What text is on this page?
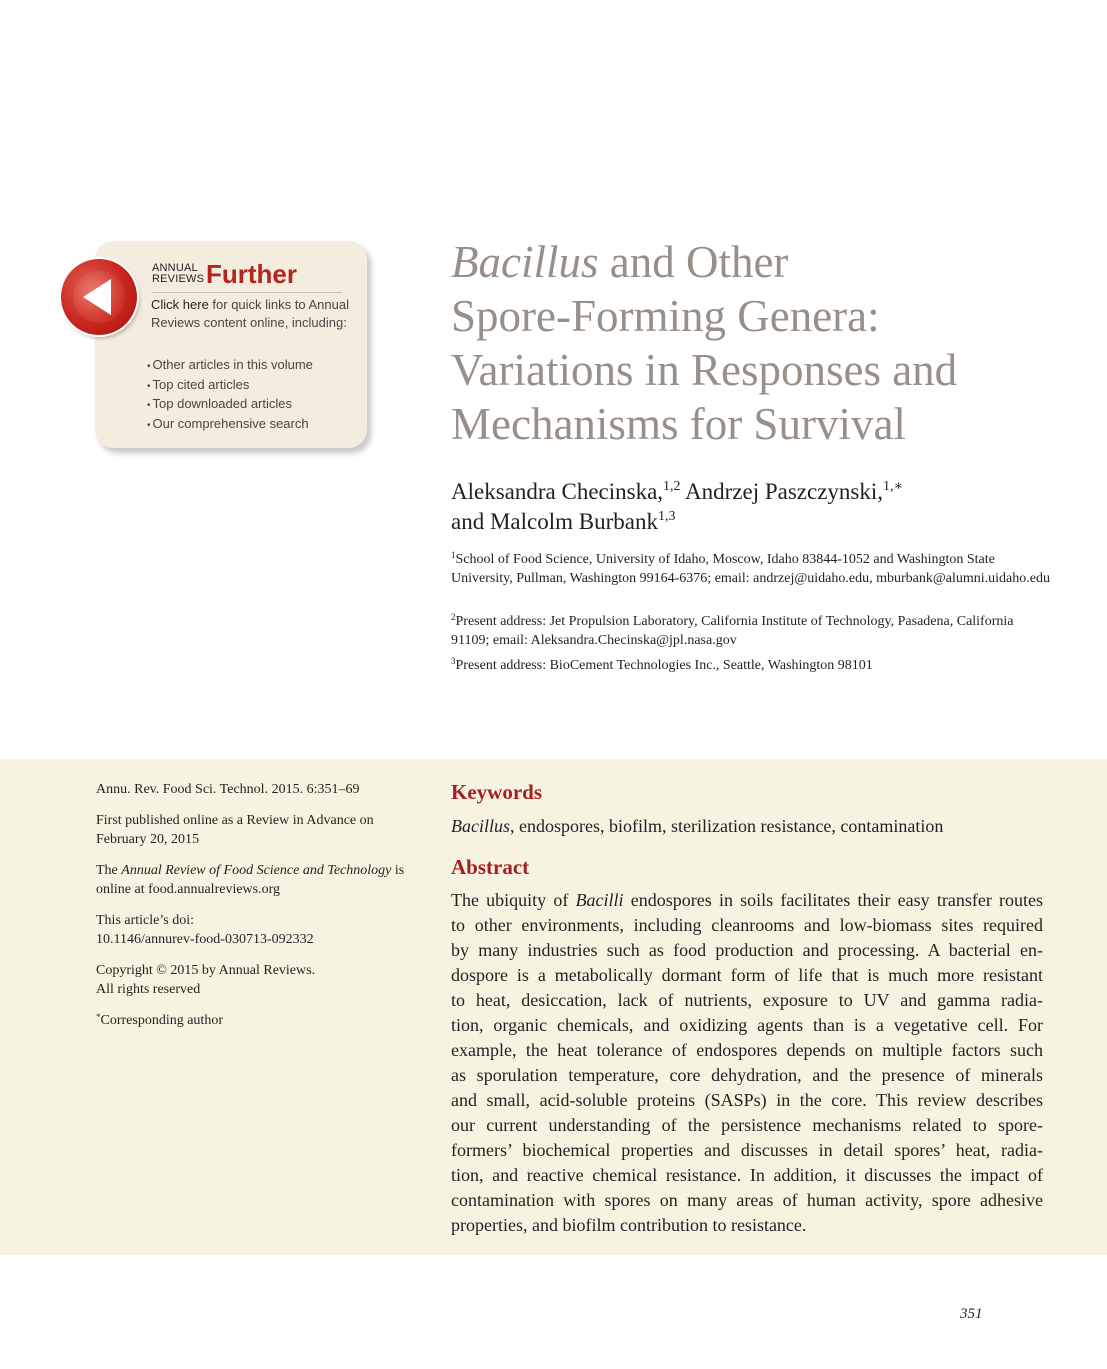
ANNUAL
REVIEWS Further
Click here for quick links to Annual Reviews content online, including:
• Other articles in this volume
• Top cited articles
• Top downloaded articles
• Our comprehensive search
Bacillus and Other
Spore-Forming Genera:
Variations in Responses and
Mechanisms for Survival
Aleksandra Checinska,$^{1,2}$ Andrzej Paszczynski,$^{1,∗}$
and Malcolm Burbank$^{1,3}$
$^1$School of Food Science, University of Idaho, Moscow, Idaho 83844-1052 and Washington State University, Pullman, Washington 99164-6376; email: andrzej@uidaho.edu, mburbank@alumni.uidaho.edu
$^2$Present address: Jet Propulsion Laboratory, California Institute of Technology, Pasadena, California 91109; email: Aleksandra.Checinska@jpl.nasa.gov
$^3$Present address: BioCement Technologies Inc., Seattle, Washington 98101
Annu. Rev. Food Sci. Technol. 2015. 6:351–69
First published online as a Review in Advance on February 20, 2015
The Annual Review of Food Science and Technology is online at food.annualreviews.org
This article’s doi:
10.1146/annurev-food-030713-092332
Copyright © 2015 by Annual Reviews.
All rights reserved
*Corresponding author
Keywords
Bacillus, endospores, biofilm, sterilization resistance, contamination
Abstract
The ubiquity of Bacilli endospores in soils facilitates their easy transfer routes
to other environments, including cleanrooms and low-biomass sites required
by many industries such as food production and processing. A bacterial en-
dospore is a metabolically dormant form of life that is much more resistant
to heat, desiccation, lack of nutrients, exposure to UV and gamma radia-
tion, organic chemicals, and oxidizing agents than is a vegetative cell. For
example, the heat tolerance of endospores depends on multiple factors such
as sporulation temperature, core dehydration, and the presence of minerals
and small, acid-soluble proteins (SASPs) in the core. This review describes
our current understanding of the persistence mechanisms related to spore-
formers’ biochemical properties and discusses in detail spores’ heat, radia-
tion, and reactive chemical resistance. In addition, it discusses the impact of
contamination with spores on many areas of human activity, spore adhesive
properties, and biofilm contribution to resistance.
351
